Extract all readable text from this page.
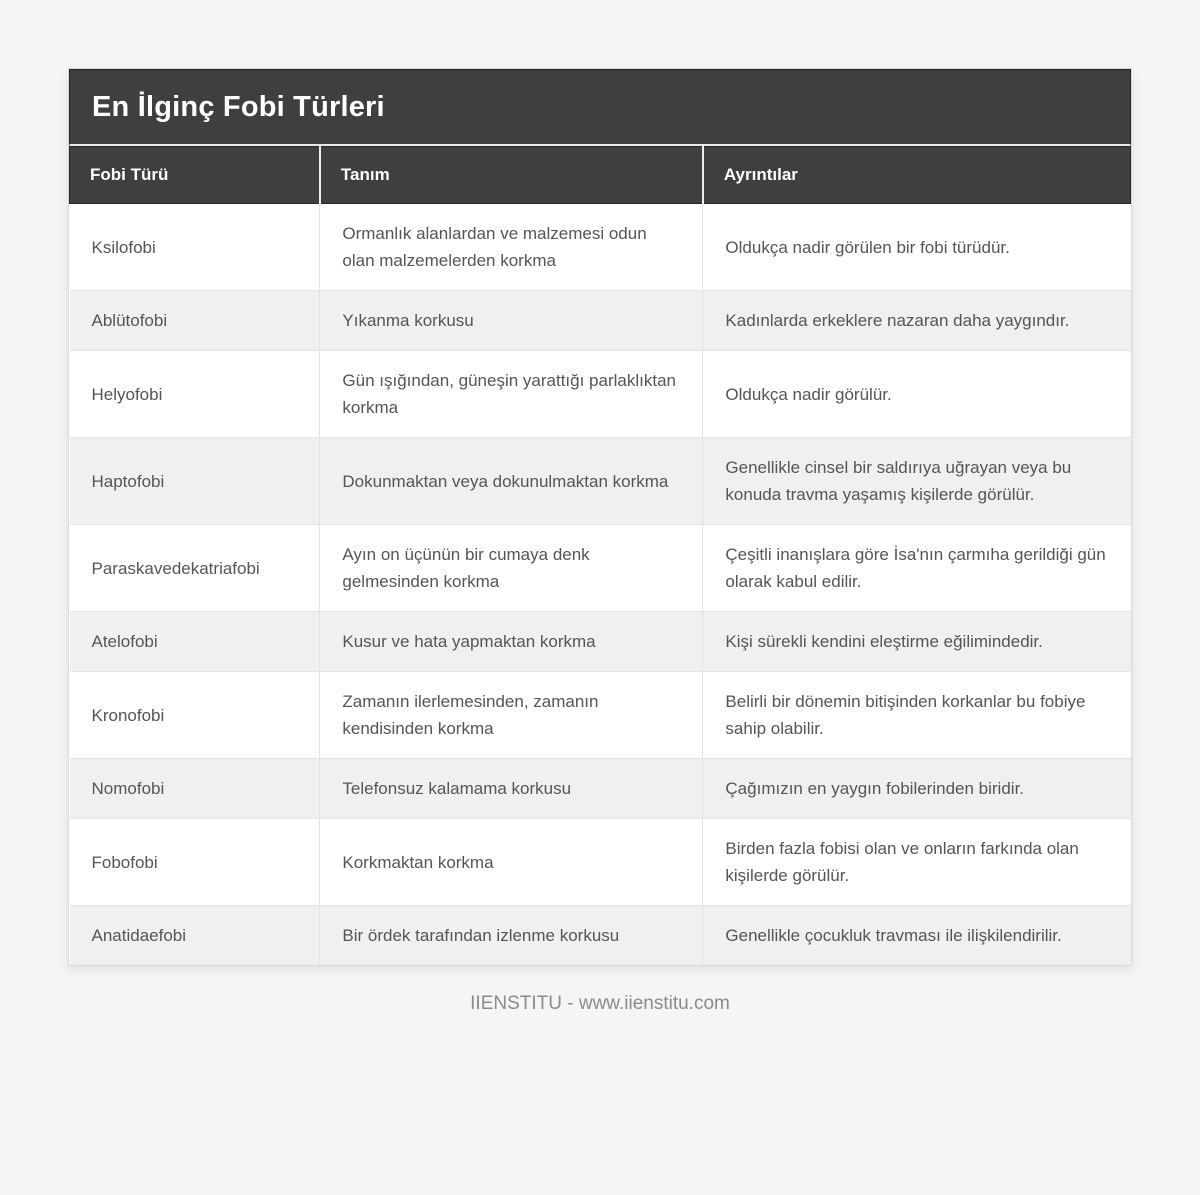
En İlginç Fobi Türleri
Fobi Türü	Tanım	Ayrıntılar
Ksilofobi	Ormanlık alanlardan ve malzemesi odun olan malzemelerden korkma	Oldukça nadir görülen bir fobi türüdür.
Ablütofobi	Yıkanma korkusu	Kadınlarda erkeklere nazaran daha yaygındır.
Helyofobi	Gün ışığından, güneşin yarattığı parlaklıktan korkma	Oldukça nadir görülür.
Haptofobi	Dokunmaktan veya dokunulmaktan korkma	Genellikle cinsel bir saldırıya uğrayan veya bu konuda travma yaşamış kişilerde görülür.
Paraskavedekatriafobi	Ayın on üçünün bir cumaya denk gelmesinden korkma	Çeşitli inanışlara göre İsa'nın çarmıha gerildiği gün olarak kabul edilir.
Atelofobi	Kusur ve hata yapmaktan korkma	Kişi sürekli kendini eleştirme eğilimindedir.
Kronofobi	Zamanın ilerlemesinden, zamanın kendisinden korkma	Belirli bir dönemin bitişinden korkanlar bu fobiye sahip olabilir.
Nomofobi	Telefonsuz kalamama korkusu	Çağımızın en yaygın fobilerinden biridir.
Fobofobi	Korkmaktan korkma	Birden fazla fobisi olan ve onların farkında olan kişilerde görülür.
Anatidaefobi	Bir ördek tarafından izlenme korkusu	Genellikle çocukluk travması ile ilişkilendirilir.
IIENSTITU - www.iienstitu.com
